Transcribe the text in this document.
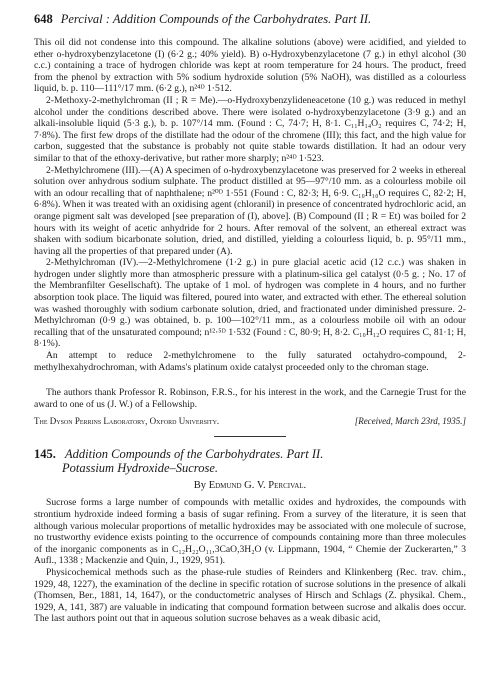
648 Percival : Addition Compounds of the Carbohydrates. Part II.

This oil did not condense into this compound. The alkaline solutions (above) were acidified, and yielded to ether o-hydroxybenzylacetone (I) (6·2 g.; 40% yield). B) o-Hydroxybenzylacetone (7 g.) in ethyl alcohol (30 c.c.) containing a trace of hydrogen chloride was kept at room temperature for 24 hours. The product, freed from the phenol by extraction with 5% sodium hydroxide solution (5% NaOH), was distilled as a colourless liquid, b. p. 110—111°/17 mm. (6·2 g.), n²⁴ᴰ 1·512.

2-Methoxy-2-methylchroman (II ; R = Me).—o-Hydroxybenzylideneacetone (10 g.) was reduced in methyl alcohol under the conditions described above. There were isolated o-hydroxybenzylacetone (3·9 g.) and an alkali-insoluble liquid (5·3 g.), b. p. 107°/14 mm. (Found : C, 74·7; H, 8·1. C₁₁H₁₄O₂ requires C, 74·2; H, 7·8%). The first few drops of the distillate had the odour of the chromene (III); this fact, and the high value for carbon, suggested that the substance is probably not quite stable towards distillation. It had an odour very similar to that of the ethoxy-derivative, but rather more sharply; n²⁴ᴰ 1·523.

2-Methylchromene (III).—(A) A specimen of o-hydroxybenzylacetone was preserved for 2 weeks in ethereal solution over anhydrous sodium sulphate. The product distilled at 95—97°/10 mm. as a colourless mobile oil with an odour recalling that of naphthalene; n²⁰ᴰ 1·551 (Found : C, 82·3; H, 6·9. C₁₀H₁₀O requires C, 82·2; H, 6·8%). When it was treated with an oxidising agent (chloranil) in presence of concentrated hydrochloric acid, an orange pigment salt was developed [see preparation of (I), above]. (B) Compound (II ; R = Et) was boiled for 2 hours with its weight of acetic anhydride for 2 hours. After removal of the solvent, an ethereal extract was shaken with sodium bicarbonate solution, dried, and distilled, yielding a colourless liquid, b. p. 95°/11 mm., having all the properties of that prepared under (A).

2-Methylchroman (IV).—2-Methylchromene (1·2 g.) in pure glacial acetic acid (12 c.c.) was shaken in hydrogen under slightly more than atmospheric pressure with a platinum-silica gel catalyst (0·5 g. ; No. 17 of the Membranfilter Gesellschaft). The uptake of 1 mol. of hydrogen was complete in 4 hours, and no further absorption took place. The liquid was filtered, poured into water, and extracted with ether. The ethereal solution was washed thoroughly with sodium carbonate solution, dried, and fractionated under diminished pressure. 2-Methylchroman (0·9 g.) was obtained, b. p. 100—102°/11 mm., as a colourless mobile oil with an odour recalling that of the unsaturated compound; n¹²·⁵ᴰ 1·532 (Found : C, 80·9; H, 8·2. C₁₀H₁₂O requires C, 81·1; H, 8·1%).

An attempt to reduce 2-methylchromene to the fully saturated octahydro-compound, 2-methylhexahydrochroman, with Adams's platinum oxide catalyst proceeded only to the chroman stage.

The authors thank Professor R. Robinson, F.R.S., for his interest in the work, and the Carnegie Trust for the award to one of us (J. W.) of a Fellowship.

The Dyson Perrins Laboratory, Oxford University.	[Received, March 23rd, 1935.]
145. Addition Compounds of the Carbohydrates. Part II.
Potassium Hydroxide–Sucrose.
By Edmund G. V. Percival.

Sucrose forms a large number of compounds with metallic oxides and hydroxides, the compounds with strontium hydroxide indeed forming a basis of sugar refining. From a survey of the literature, it is seen that although various molecular proportions of metallic hydroxides may be associated with one molecule of sucrose, no trustworthy evidence exists pointing to the occurrence of compounds containing more than three molecules of the inorganic components as in C₁₂H₂₂O₁₁,3CaO,3H₂O (v. Lippmann, 1904, “ Chemie der Zuckerarten,” 3 Aufl., 1338 ; Mackenzie and Quin, J., 1929, 951).

Physicochemical methods such as the phase-rule studies of Reinders and Klinkenberg (Rec. trav. chim., 1929, 48, 1227), the examination of the decline in specific rotation of sucrose solutions in the presence of alkali (Thomsen, Ber., 1881, 14, 1647), or the conductometric analyses of Hirsch and Schlags (Z. physikal. Chem., 1929, A, 141, 387) are valuable in indicating that compound formation between sucrose and alkalis does occur. The last authors point out that in aqueous solution sucrose behaves as a weak dibasic acid,
